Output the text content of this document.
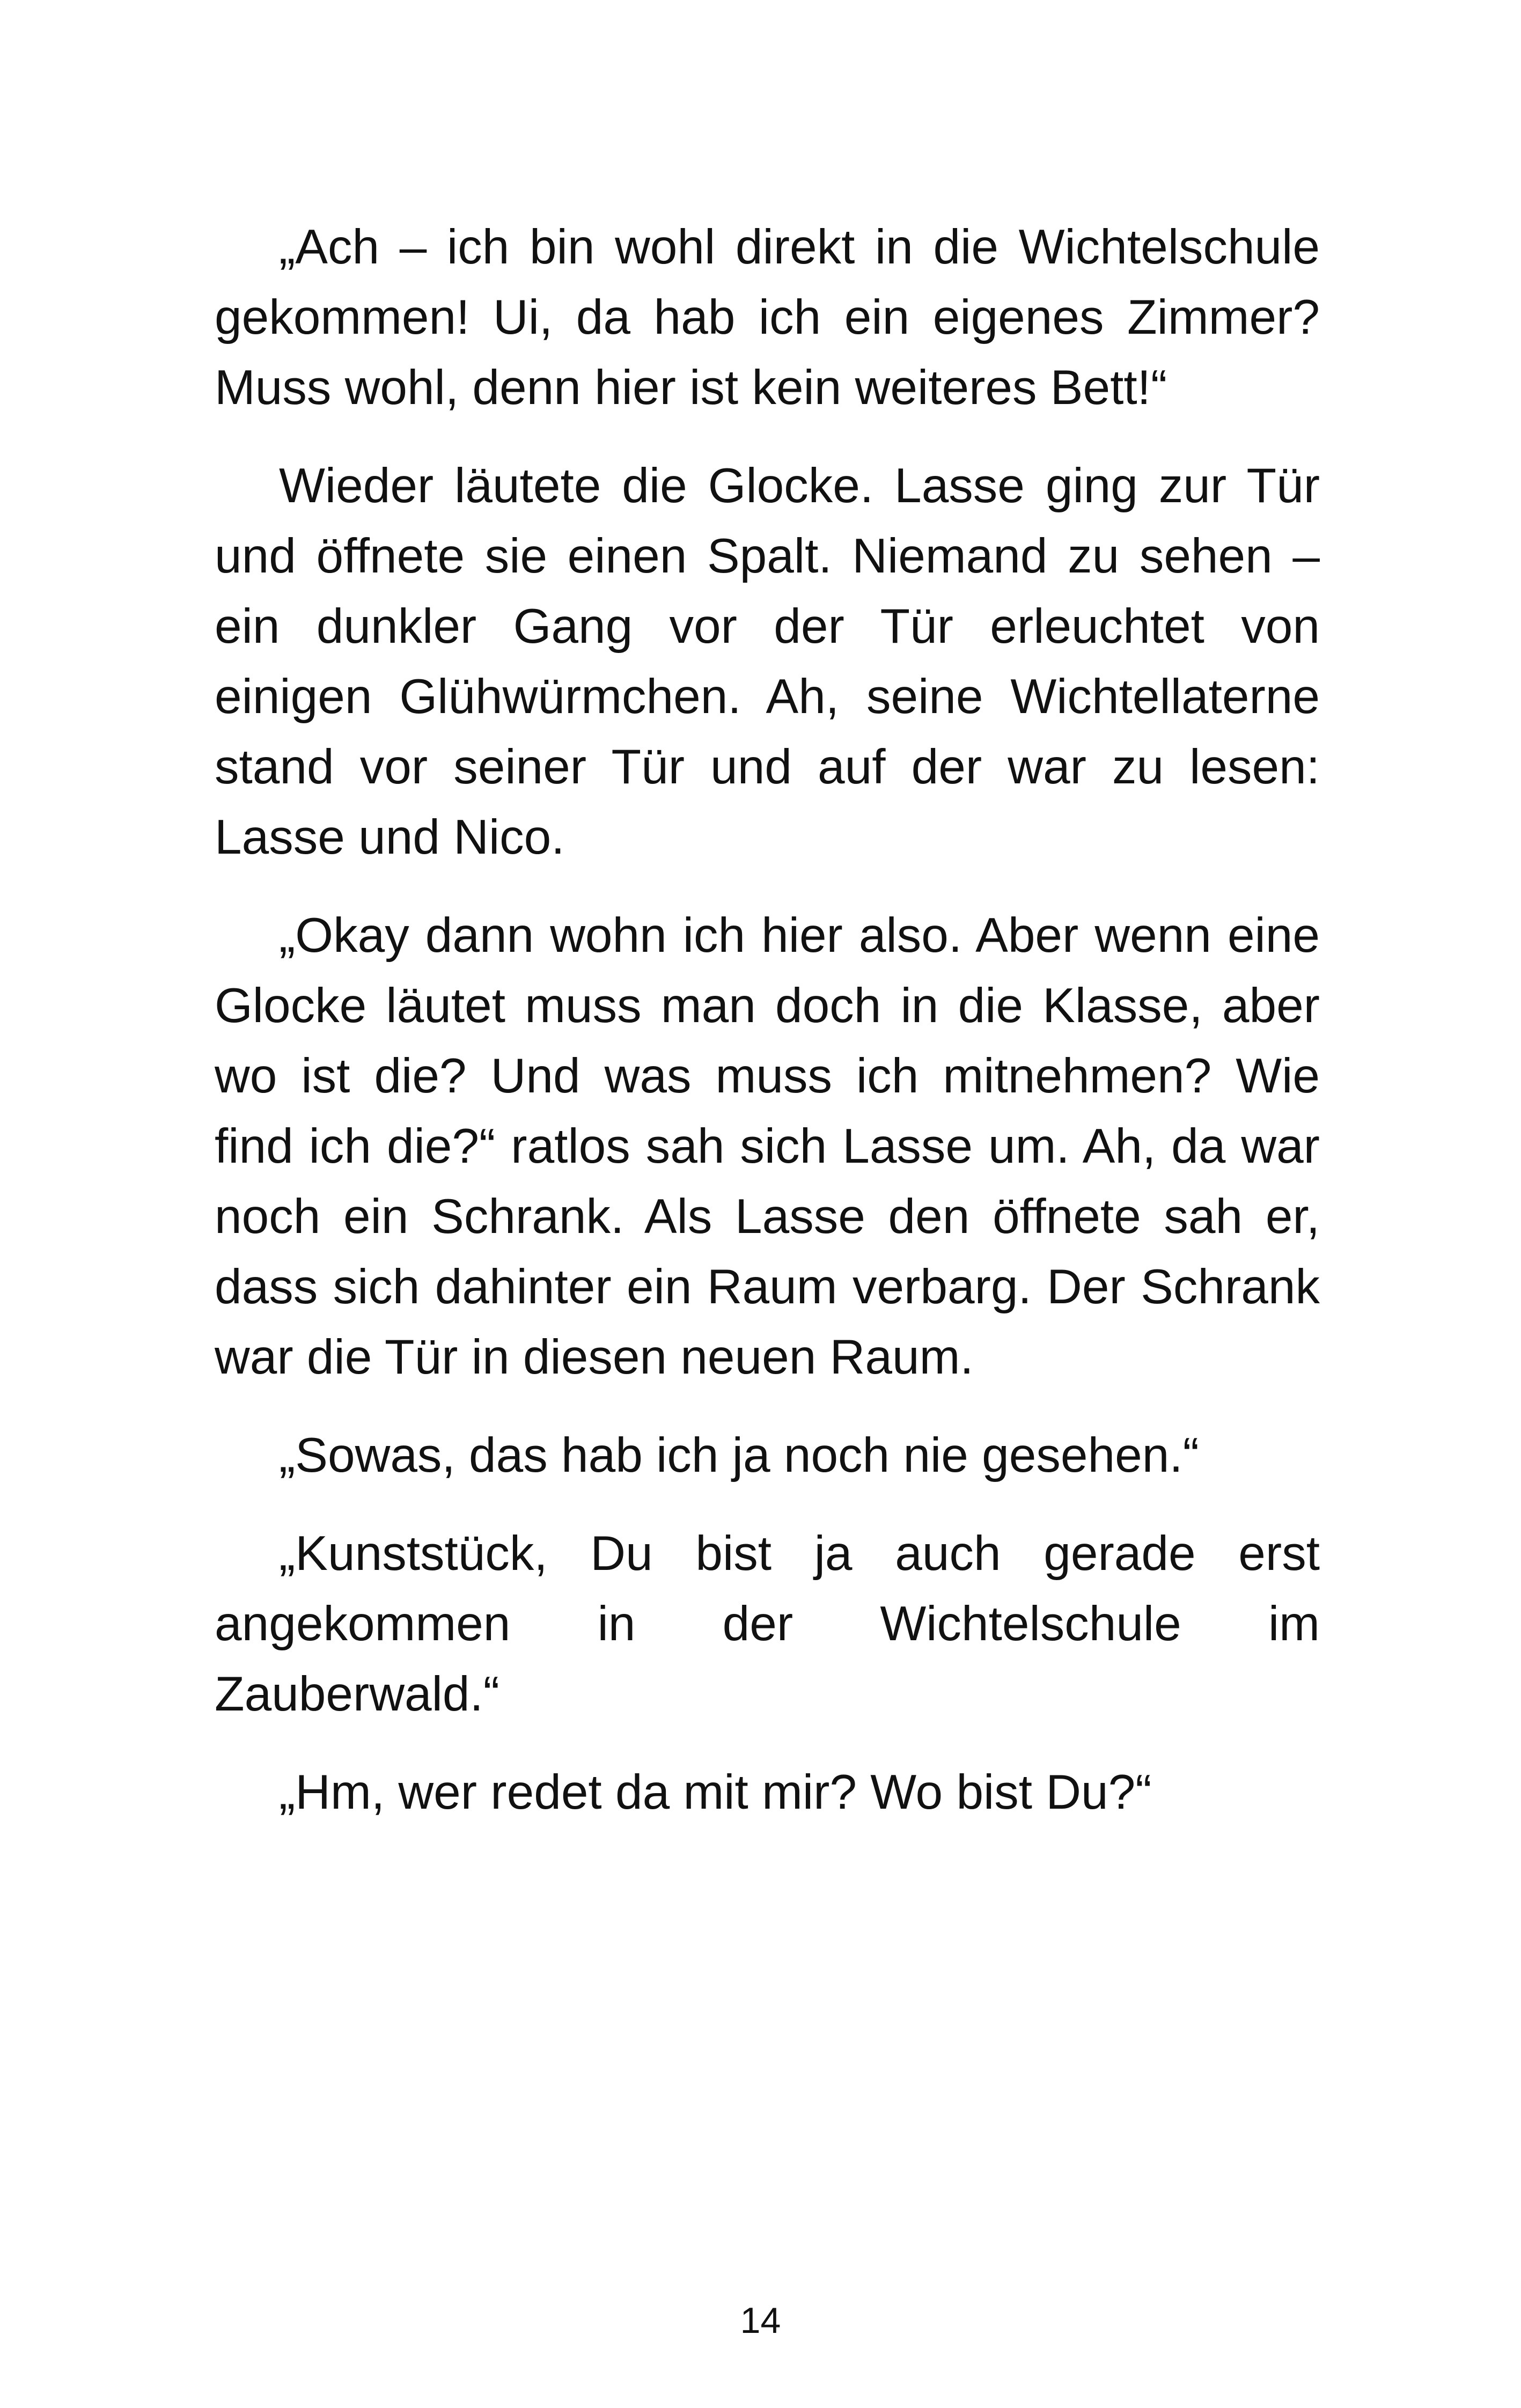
„Ach – ich bin wohl direkt in die Wichtelschule gekommen! Ui, da hab ich ein eigenes Zimmer? Muss wohl, denn hier ist kein weiteres Bett!“

Wieder läutete die Glocke. Lasse ging zur Tür und öffnete sie einen Spalt. Niemand zu sehen – ein dunkler Gang vor der Tür erleuchtet von einigen Glühwürmchen. Ah, seine Wichtellaterne stand vor seiner Tür und auf der war zu lesen: Lasse und Nico.

„Okay dann wohn ich hier also. Aber wenn eine Glocke läutet muss man doch in die Klasse, aber wo ist die? Und was muss ich mitnehmen? Wie find ich die?“ ratlos sah sich Lasse um. Ah, da war noch ein Schrank. Als Lasse den öffnete sah er, dass sich dahinter ein Raum verbarg. Der Schrank war die Tür in diesen neuen Raum.

„Sowas, das hab ich ja noch nie gesehen.“

„Kunststück, Du bist ja auch gerade erst angekommen in der Wichtelschule im Zauberwald.“

„Hm, wer redet da mit mir? Wo bist Du?“

14
